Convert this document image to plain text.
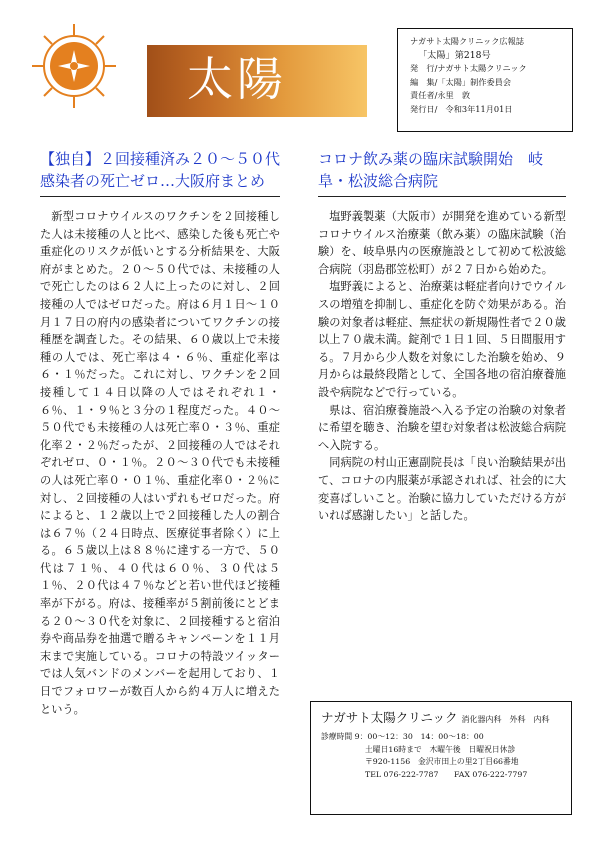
太陽
ナガサト太陽クリニック広報誌
「太陽」第218号
発　行/ナガサト太陽クリニック
編　集/「太陽」制作委員会
責任者/永里　敦
発行日/　令和3年11月01日
【独自】２回接種済み２０～５０代感染者の死亡ゼロ…大阪府まとめ

新型コロナウイルスのワクチンを２回接種した人は未接種の人と比べ、感染した後も死亡や重症化のリスクが低いとする分析結果を、大阪府がまとめた。２０～５０代では、未接種の人で死亡したのは６２人に上ったのに対し、２回接種の人ではゼロだった。府は６月１日～１０月１７日の府内の感染者についてワクチンの接種歴を調査した。その結果、６０歳以上で未接種の人では、死亡率は４・６％、重症化率は６・１％だった。これに対し、ワクチンを２回接種して１４日以降の人ではそれぞれ１・６％、１・９％と３分の１程度だった。４０～５０代でも未接種の人は死亡率０・３％、重症化率２・２％だったが、２回接種の人ではそれぞれゼロ、０・１％。２０～３０代でも未接種の人は死亡率０・０１％、重症化率０・２％に対し、２回接種の人はいずれもゼロだった。府によると、１２歳以上で２回接種した人の割合は６７％（２４日時点、医療従事者除く）に上る。６５歳以上は８８％に達する一方で、５０代は７１％、４０代は６０％、３０代は５１％、２０代は４７％などと若い世代ほど接種率が下がる。府は、接種率が５割前後にとどまる２０～３０代を対象に、２回接種すると宿泊券や商品券を抽選で贈るキャンペーンを１１月末まで実施している。コロナの特設ツイッターでは人気バンドのメンバーを起用しており、１日でフォロワーが数百人から約４万人に増えたという。

コロナ飲み薬の臨床試験開始　岐阜・松波総合病院

塩野義製薬（大阪市）が開発を進めている新型コロナウイルス治療薬（飲み薬）の臨床試験（治験）を、岐阜県内の医療施設として初めて松波総合病院（羽島郡笠松町）が２７日から始めた。

塩野義によると、治療薬は軽症者向けでウイルスの増殖を抑制し、重症化を防ぐ効果がある。治験の対象者は軽症、無症状の新規陽性者で２０歳以上７０歳未満。錠剤で１日１回、５日間服用する。７月から少人数を対象にした治験を始め、９月からは最終段階として、全国各地の宿泊療養施設や病院などで行っている。

県は、宿泊療養施設へ入る予定の治験の対象者に希望を聴き、治験を望む対象者は松波総合病院へ入院する。

同病院の村山正憲副院長は「良い治験結果が出て、コロナの内服薬が承認されれば、社会的に大変喜ばしいこと。治験に協力していただける方がいれば感謝したい」と話した。

ナガサト太陽クリニック 消化器内科　外科　内科
診療時間 9：00～12：30　14：00～18：00
土曜日16時まで　木曜午後　日曜祝日休診
〒920-1156　金沢市田上の里2丁目66番地
TEL 076-222-7787　　FAX 076-222-7797
